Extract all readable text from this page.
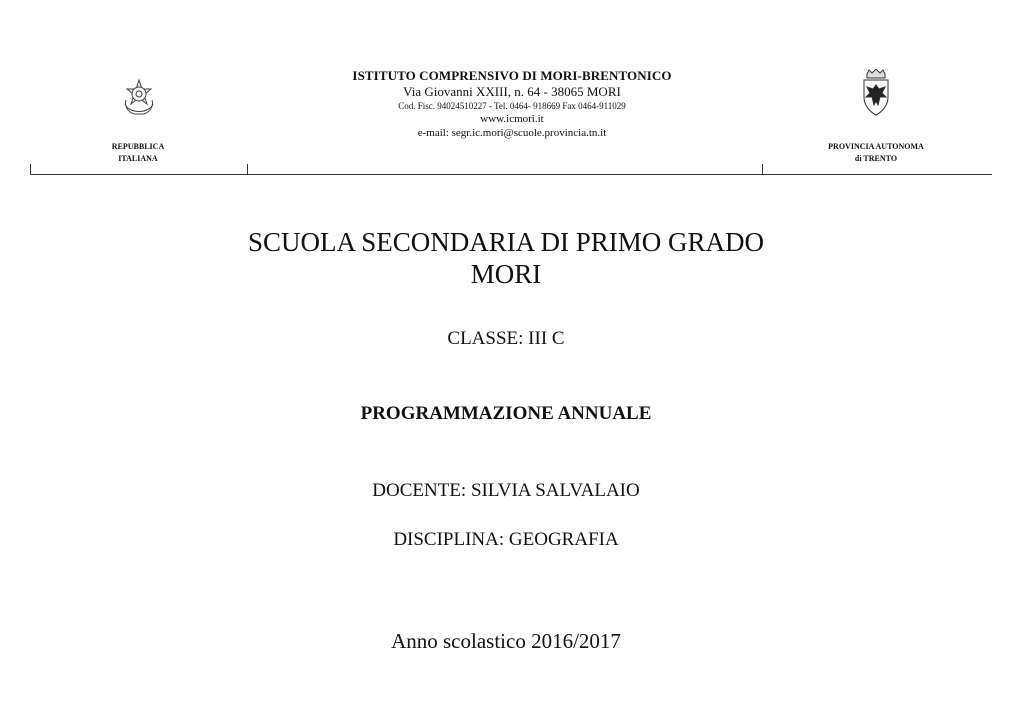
ISTITUTO COMPRENSIVO DI MORI-BRENTONICO
Via Giovanni XXIII, n. 64 - 38065 MORI
Cod. Fisc. 94024510227 - Tel. 0464- 918669 Fax 0464-911029
www.icmori.it
e-mail: segr.ic.mori@scuole.provincia.tn.it
REPUBBLICA
ITALIANA
PROVINCIA AUTONOMA
di TRENTO
SCUOLA SECONDARIA DI PRIMO GRADO
MORI
CLASSE: III C
PROGRAMMAZIONE ANNUALE
DOCENTE: SILVIA SALVALAIO
DISCIPLINA: GEOGRAFIA
Anno scolastico 2016/2017
